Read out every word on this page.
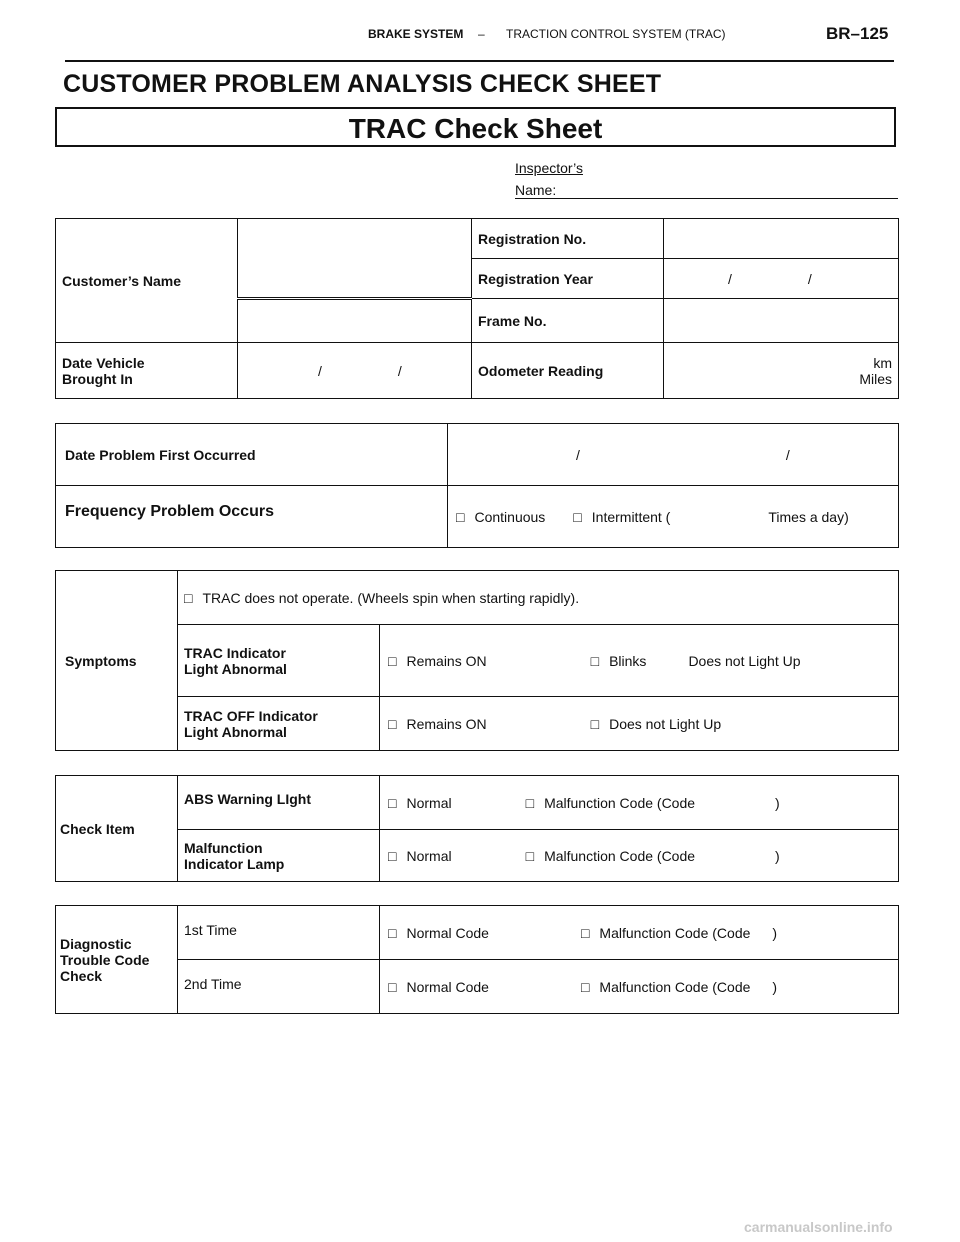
BRAKE SYSTEM – TRACTION CONTROL SYSTEM (TRAC)	BR–125
CUSTOMER PROBLEM ANALYSIS CHECK SHEET
TRAC Check Sheet
Inspector’s
Name:
Customer’s Name		Registration No.	
		Registration Year	/ /
		Frame No.	
Date Vehicle
Brought In	/ /	Odometer Reading	km
Miles
Date Problem First Occurred	/ /
Frequency Problem Occurs	□ Continuous □ Intermittent ( Times a day)
Symptoms	□ TRAC does not operate. (Wheels spin when starting rapidly).
	TRAC Indicator
Light Abnormal	□ Remains ON □ Blinks Does not Light Up
	TRAC OFF Indicator
Light Abnormal	□ Remains ON □ Does not Light Up
Check Item	ABS Warning LIght	□ Normal □ Malfunction Code (Code )
	Malfunction
Indicator Lamp	□ Normal □ Malfunction Code (Code )
Diagnostic
Trouble Code
Check	1st Time	□ Normal Code □ Malfunction Code (Code )
	2nd Time	□ Normal Code □ Malfunction Code (Code )
carmanualsonline.info
